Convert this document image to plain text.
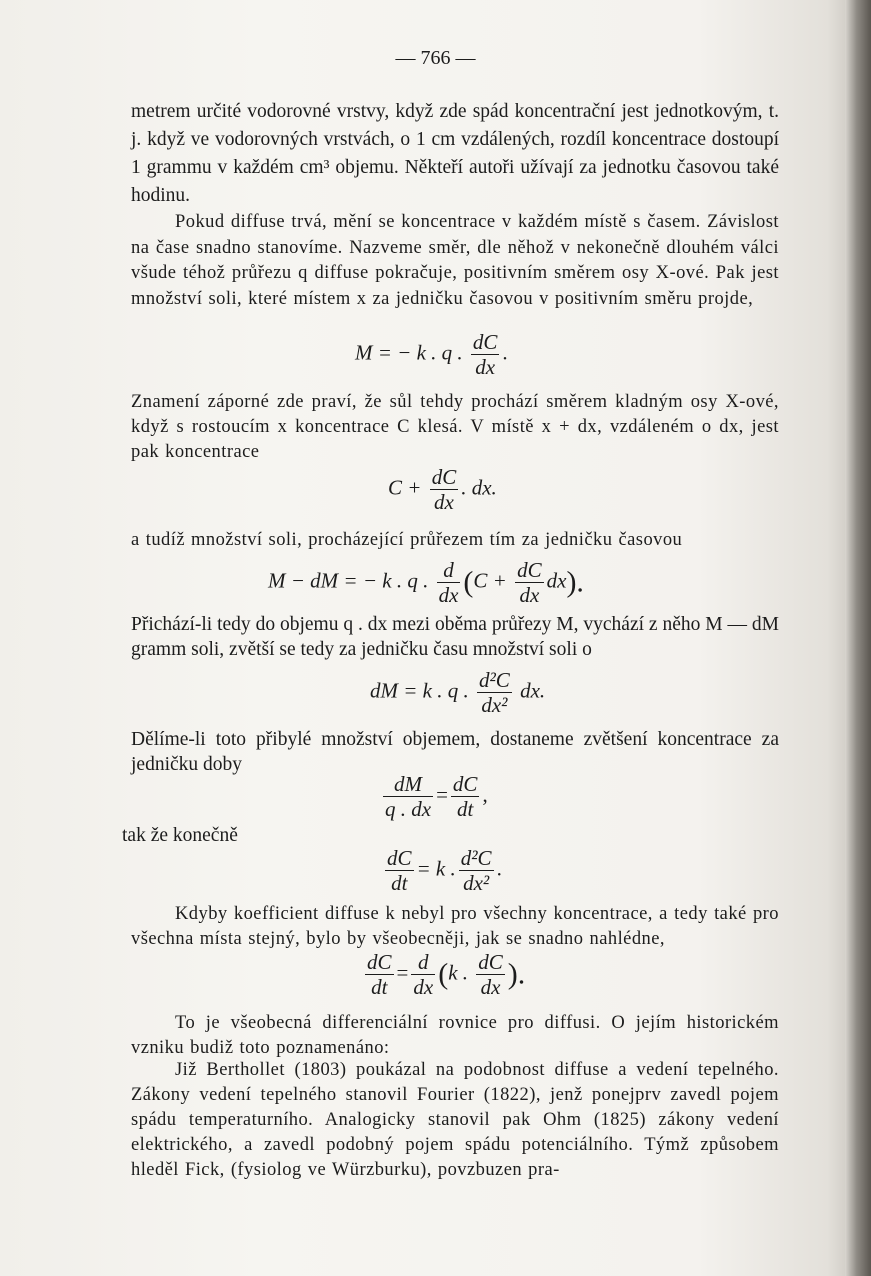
— 766 —

metrem určité vodorovné vrstvy, když zde spád koncentrační jest jednotkovým, t. j. když ve vodorovných vrstvách, o 1 cm vzdálených, rozdíl koncentrace dostoupí 1 grammu v každém cm³ objemu. Někteří autoři užívají za jednotku časovou také hodinu.

Pokud diffuse trvá, mění se koncentrace v každém místě s časem. Závislost na čase snadno stanovíme. Nazveme směr, dle něhož v nekonečně dlouhém válci všude téhož průřezu q diffuse pokračuje, positivním směrem osy X-ové. Pak jest množství soli, které místem x za jedničku časovou v positivním směru projde,

M = − k . q . $\frac{dC}{dx}$ .

Znamení záporné zde praví, že sůl tehdy prochází směrem kladným osy X-ové, když s rostoucím x koncentrace C klesá. V místě x + dx, vzdáleném o dx, jest pak koncentrace

$C + \frac{dC}{dx}$ . dx.

a tudíž množství soli, procházející průřezem tím za jedničku časovou

M − dM = − k . q . $\frac{d}{dx} (C + \frac{dC}{dx} dx)$.

Přichází-li tedy do objemu q . dx mezi oběma průřezy M, vychází z něho M — dM gramm soli, zvětší se tedy za jedničku času množství soli o

dM = k . q . $\frac{\text{d²C}}{\text{dx²}}$ dx.

Dělíme-li toto přibylé množství objemem, dostaneme zvětšení koncentrace za jedničku doby

$\frac{dM}{q . dx} = \frac{dC}{dt}$ ,
tak že konečně
$\frac{dC}{dt} = k$ . $\frac{\text{d²C}}{\text{dx²}}$ .

Kdyby koefficient diffuse k nebyl pro všechny koncentrace, a tedy také pro všechna místa stejný, bylo by všeobecněji, jak se snadno nahlédne,

$\frac{dC}{dt} = \frac{d}{dx} (k$ . $\frac{dC}{dx}$ ).

To je všeobecná differenciální rovnice pro diffusi. O jejím historickém vzniku budiž toto poznamenáno:

Již Berthollet (1803) poukázal na podobnost diffuse a vedení tepelného. Zákony vedení tepelného stanovil Fourier (1822), jenž ponejprv zavedl pojem spádu temperaturního. Analogicky stanovil pak Ohm (1825) zákony vedení elektrického, a zavedl podobný pojem spádu potenciálního. Týmž způsobem hleděl Fick, (fysiolog ve Würzburku), povzbuzen pra-
